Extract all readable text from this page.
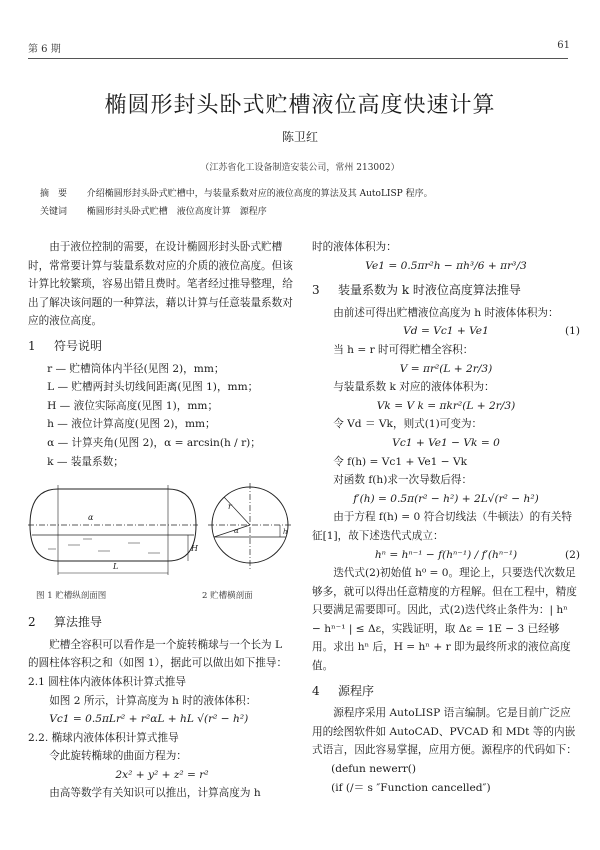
第 6 期	61
椭圆形封头卧式贮槽液位高度快速计算
陈卫红
（江苏省化工设备制造安装公司，常州 213002）
摘　要 介绍椭圆形封头卧式贮槽中，与装量系数对应的液位高度的算法及其 AutoLISP 程序。
关键词 椭圆形封头卧式贮槽　液位高度计算　源程序

由于液位控制的需要，在设计椭圆形封头卧式贮槽时，常常要计算与装量系数对应的介质的液位高度。但该计算比较繁琐，容易出错且费时。笔者经过推导整理，给出了解决该问题的一种算法，藉以计算与任意装量系数对应的液位高度。

1 符号说明

r — 贮槽筒体内半径(见图 2)，mm；

L — 贮槽两封头切线间距离(见图 1)，mm；

H — 液位实际高度(见图 1)，mm；

h — 液位计算高度(见图 2)，mm；

α — 计算夹角(见图 2)，α = arcsin(h / r)；

k — 装量系数；

α
L
H
r
α	h
图 1 贮槽纵剖面图	2 贮槽横剖面

2 算法推导

贮槽全容积可以看作是一个旋转椭球与一个长为 L 的圆柱体容积之和（如图 1），据此可以做出如下推导：

2.1 圆柱体内液体体积计算式推导

如图 2 所示，计算高度为 h 时的液体体积：

Vc1 = 0.5πLr² + r²αL + hL √(r² − h²)

2.2. 椭球内液体体积计算式推导

令此旋转椭球的曲面方程为：

2x² + y² + z² = r²

由高等数学有关知识可以推出，计算高度为 h

时的液体体积为：

Ve1 = 0.5πr²h − πh³/6 + πr³/3

3 装量系数为 k 时液位高度算法推导

由前述可得出贮槽液位高度为 h 时液体体积为：

Vd = Vc1 + Ve1	(1)

当 h = r 时可得贮槽全容积：

V = πr²(L + 2r/3)

与装量系数 k 对应的液体体积为：

Vk = V k = πkr²(L + 2r/3)

令 Vd ＝ Vk，则式(1)可变为：

Vc1 + Ve1 − Vk = 0

令 f(h) = Vc1 + Ve1 − Vk

对函数 f(h)求一次导数后得：

f′(h) = 0.5π(r² − h²) + 2L√(r² − h²)

由于方程 f(h) = 0 符合切线法（牛顿法）的有关特征[1]，故下述迭代式成立：

hⁿ = hⁿ⁻¹ − f(hⁿ⁻¹) / f′(hⁿ⁻¹)	(2)

迭代式(2)初始值 h⁰ = 0。理论上，只要迭代次数足够多，就可以得出任意精度的方程解。但在工程中，精度只要满足需要即可。因此，式(2)迭代终止条件为：| hⁿ − hⁿ⁻¹ | ≤ Δε，实践证明，取 Δε = 1E − 3 已经够用。求出 hⁿ 后，H = hⁿ + r 即为最终所求的液位高度值。

4 源程序

源程序采用 AutoLISP 语言编制。它是目前广泛应用的绘图软件如 AutoCAD、PVCAD 和 MDt 等的内嵌式语言，因此容易掌握，应用方便。源程序的代码如下：

(defun newerr()

(if (/＝ s ″Function cancelled″)
